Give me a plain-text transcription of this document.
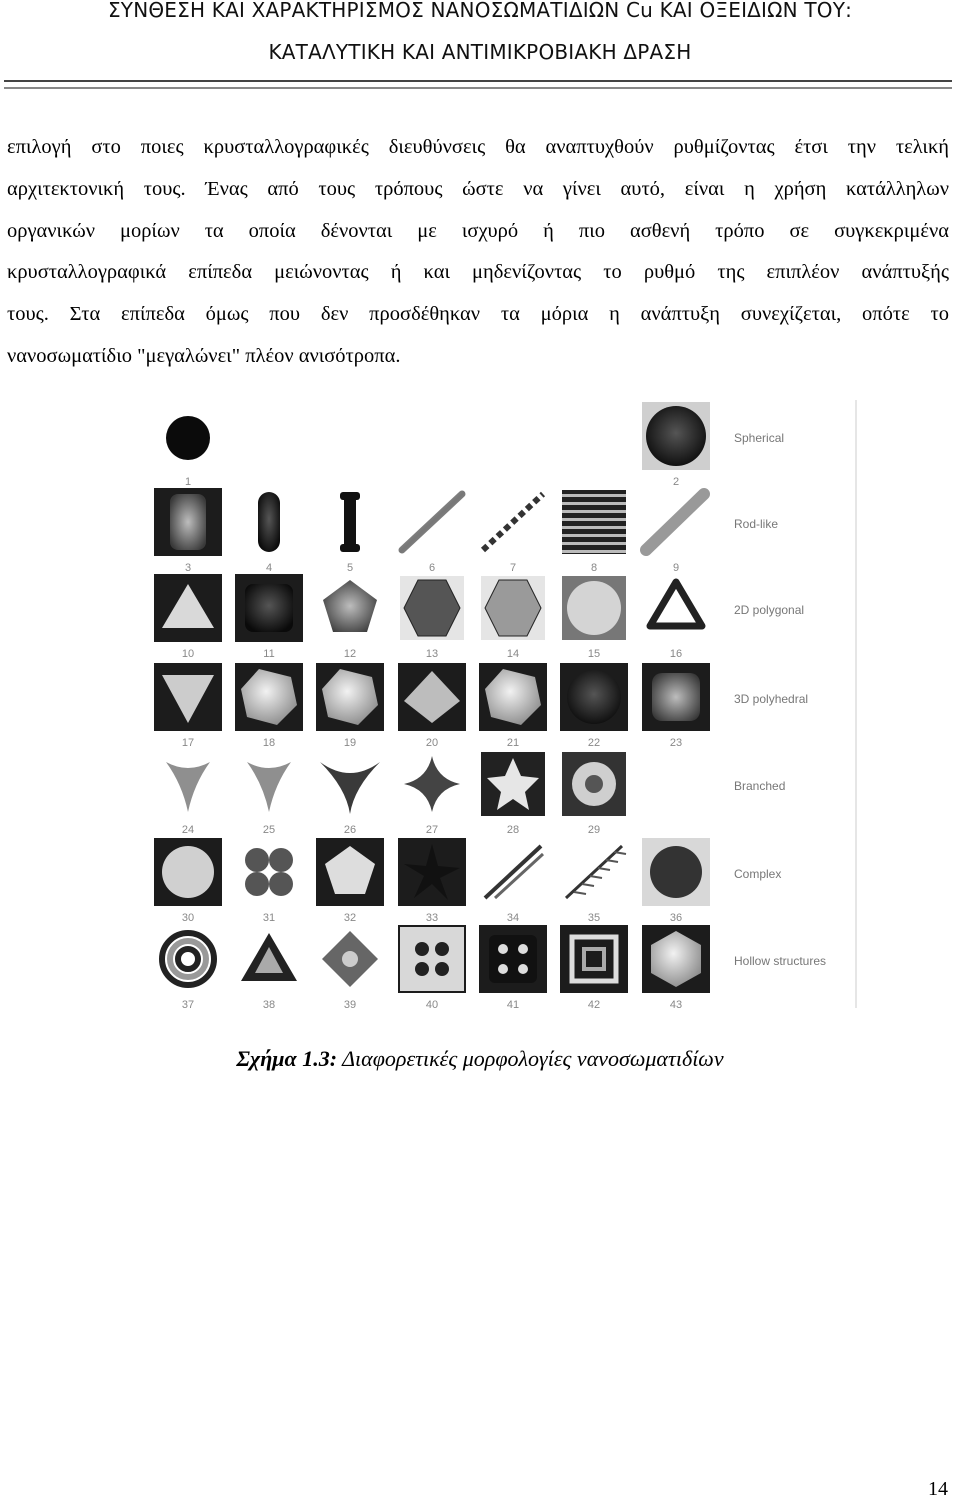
ΣΥΝΘΕΣΗ ΚΑΙ ΧΑΡΑΚΤΗΡΙΣΜΟΣ ΝΑΝΟΣΩΜΑΤΙΔΙΩΝ Cu ΚΑΙ ΟΞΕΙΔΙΩΝ ΤΟΥ:
ΚΑΤΑΛΥΤΙΚΗ ΚΑΙ ΑΝΤΙΜΙΚΡΟΒΙΑΚΗ ΔΡΑΣΗ
επιλογή στο ποιες κρυσταλλογραφικές διευθύνσεις θα αναπτυχθούν ρυθμίζοντας έτσι την τελική
αρχιτεκτονική τους. Ένας από τους τρόπους ώστε να γίνει αυτό, είναι η χρήση κατάλληλων
οργανικών μορίων τα οποία δένονται με ισχυρό ή πιο ασθενή τρόπο σε συγκεκριμένα
κρυσταλλογραφικά επίπεδα μειώνοντας ή και μηδενίζοντας το ρυθμό της επιπλέον ανάπτυξής
τους. Στα επίπεδα όμως που δεν προσδέθηκαν τα μόρια η ανάπτυξη συνεχίζεται, οπότε το
νανοσωματίδιο "μεγαλώνει" πλέον ανισότροπα.
Spherical
1	2
Rod-like
3	4	5	6	7	8	9
2D polygonal
10	11	12	13	14	15	16
3D polyhedral
17	18	19	20	21	22	23
Branched
24	25	26	27	28	29
Complex
30	31	32	33	34	35	36
Hollow structures
37	38	39	40	41	42	43
Σχήμα 1.3: Διαφορετικές μορφολογίες νανοσωματιδίων
14
